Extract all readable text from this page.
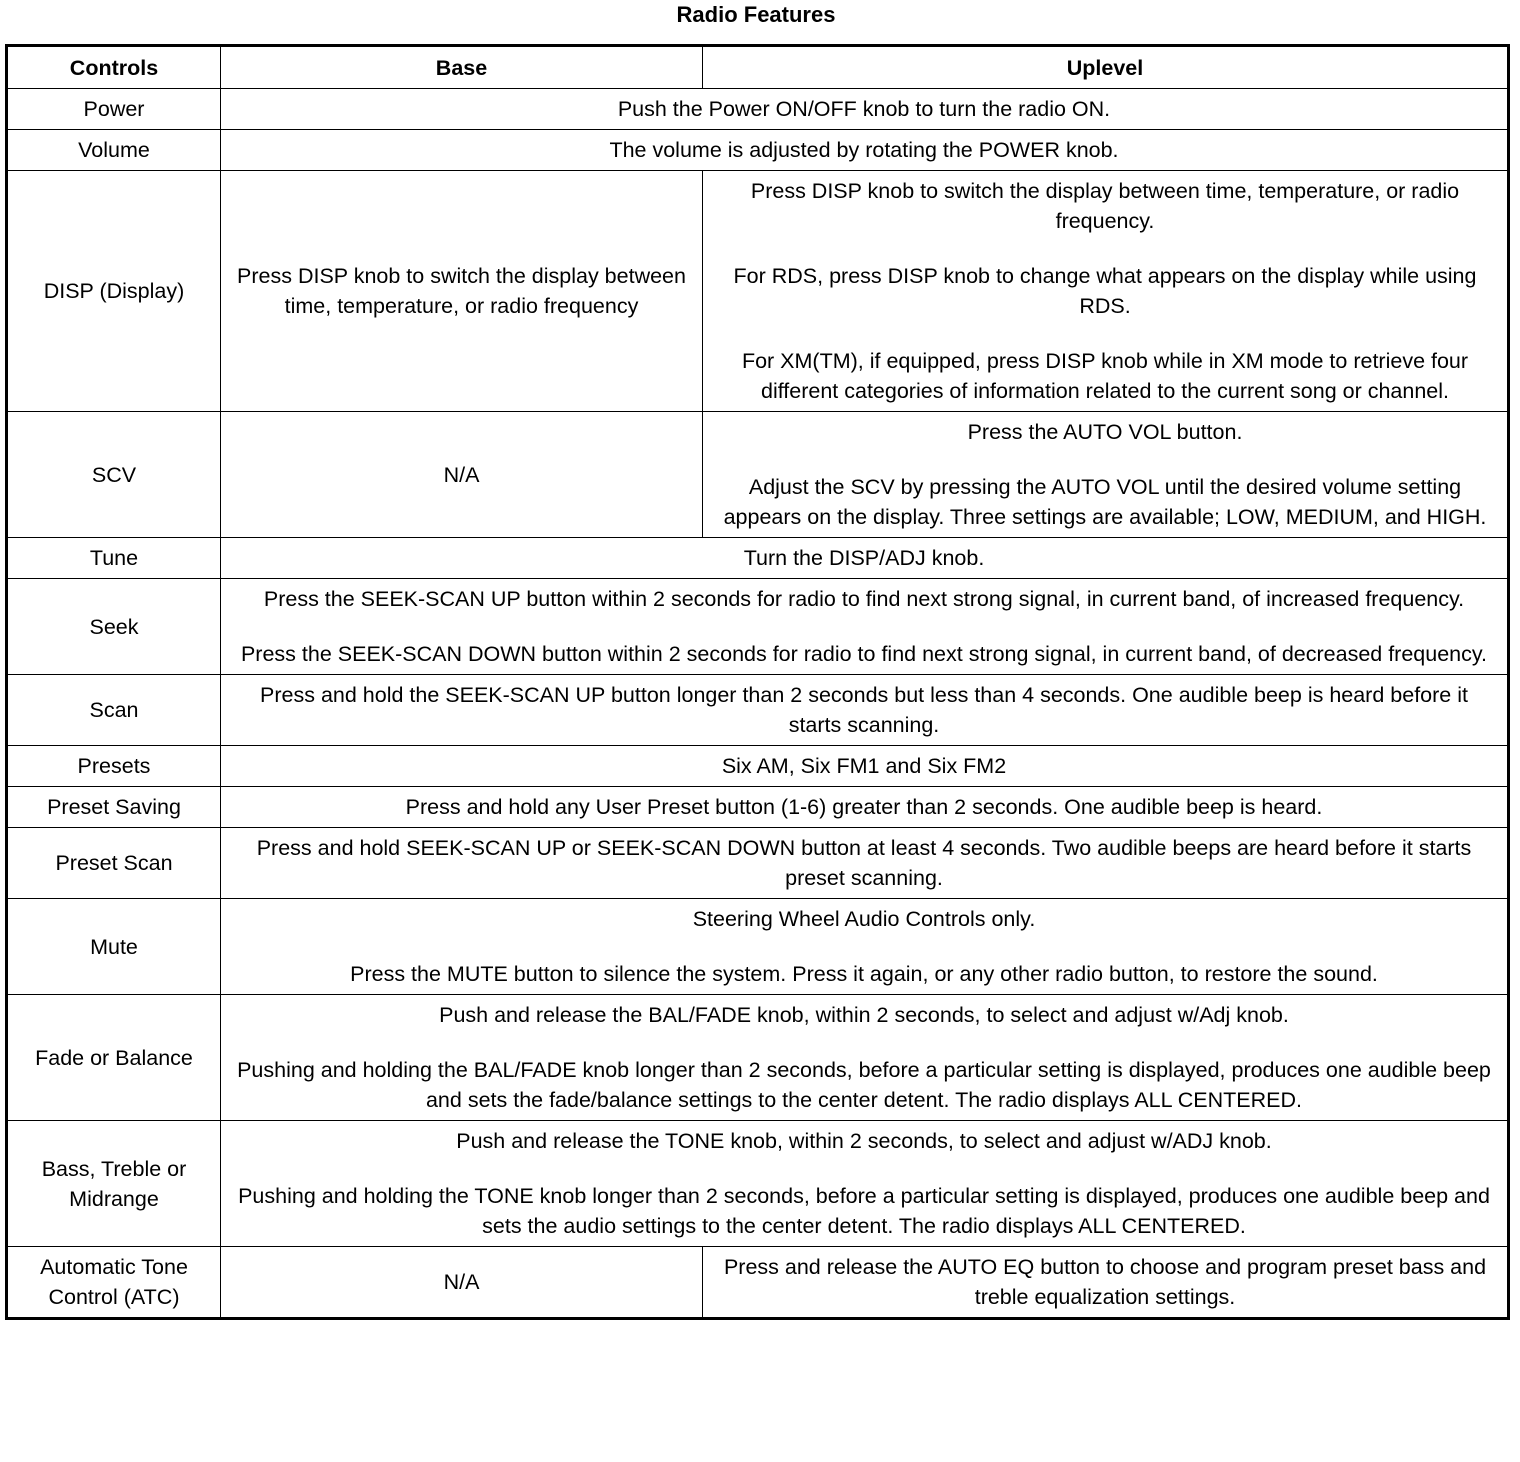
Radio Features
Controls	Base	Uplevel
Power	Push the Power ON/OFF knob to turn the radio ON.	

Volume	The volume is adjusted by rotating the POWER knob.	

DISP (Display)	Press DISP knob to switch the display between time, temperature, or radio frequency	Press DISP knob to switch the display between time, temperature, or radio frequency.
For RDS, press DISP knob to change what appears on the display while using RDS.
For XM(TM), if equipped, press DISP knob while in XM mode to retrieve four different categories of information related to the current song or channel.

SCV	N/A	Press the AUTO VOL button.
Adjust the SCV by pressing the AUTO VOL until the desired volume setting appears on the display. Three settings are available; LOW, MEDIUM, and HIGH.

Tune	Turn the DISP/ADJ knob.	

Seek	Press the SEEK-SCAN UP button within 2 seconds for radio to find next strong signal, in current band, of increased frequency.
Press the SEEK-SCAN DOWN button within 2 seconds for radio to find next strong signal, in current band, of decreased frequency.	

Scan	Press and hold the SEEK-SCAN UP button longer than 2 seconds but less than 4 seconds. One audible beep is heard before it starts scanning.	

Presets	Six AM, Six FM1 and Six FM2	

Preset Saving	Press and hold any User Preset button (1-6) greater than 2 seconds. One audible beep is heard.	

Preset Scan	Press and hold SEEK-SCAN UP or SEEK-SCAN DOWN button at least 4 seconds. Two audible beeps are heard before it starts preset scanning.	

Mute	Steering Wheel Audio Controls only.
Press the MUTE button to silence the system. Press it again, or any other radio button, to restore the sound.	

Fade or Balance	Push and release the BAL/FADE knob, within 2 seconds, to select and adjust w/Adj knob.
Pushing and holding the BAL/FADE knob longer than 2 seconds, before a particular setting is displayed, produces one audible beep and sets the fade/balance settings to the center detent. The radio displays ALL CENTERED.	

Bass, Treble or Midrange	Push and release the TONE knob, within 2 seconds, to select and adjust w/ADJ knob.
Pushing and holding the TONE knob longer than 2 seconds, before a particular setting is displayed, produces one audible beep and sets the audio settings to the center detent. The radio displays ALL CENTERED.	

Automatic Tone Control (ATC)	N/A	Press and release the AUTO EQ button to choose and program preset bass and treble equalization settings.
